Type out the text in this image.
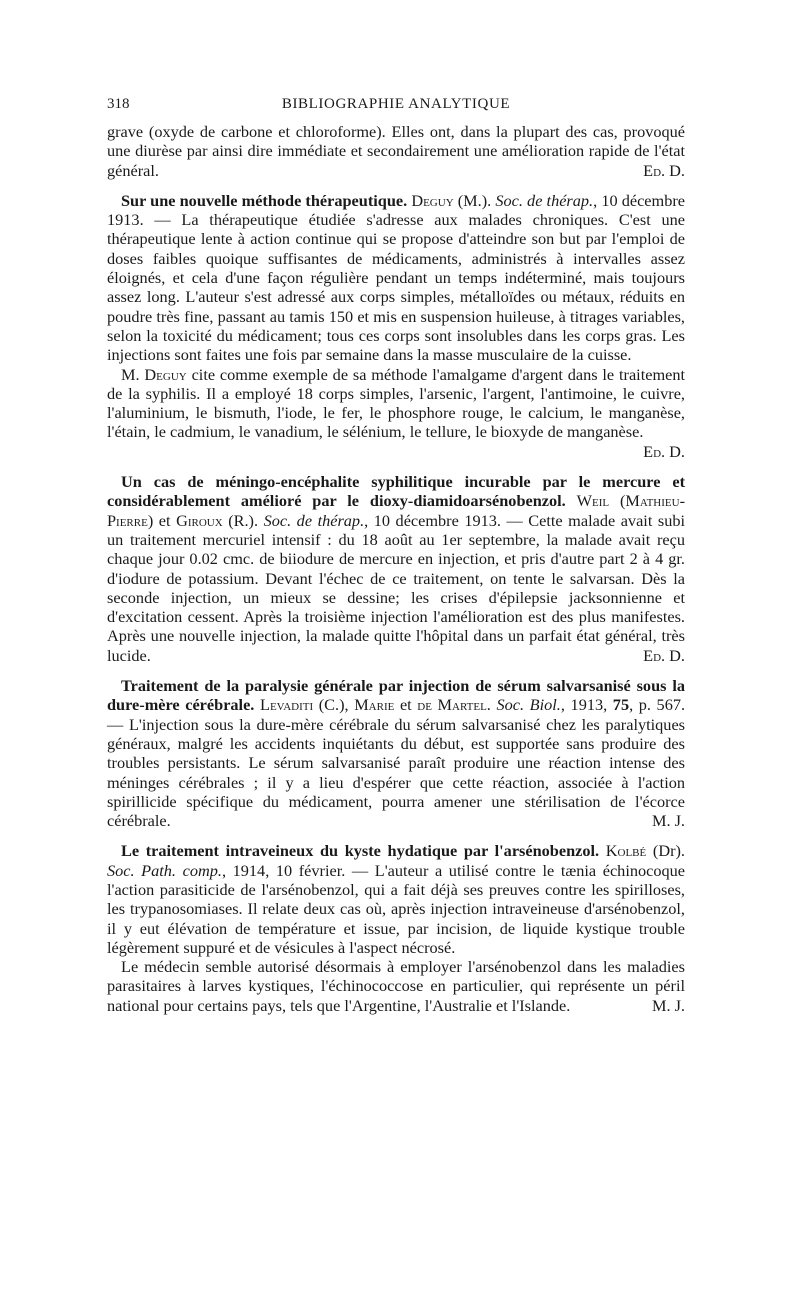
318	BIBLIOGRAPHIE ANALYTIQUE

grave (oxyde de carbone et chloroforme). Elles ont, dans la plupart des cas, provoqué une diurèse par ainsi dire immédiate et secondairement une amélioration rapide de l'état général.	Ed. D.

Sur une nouvelle méthode thérapeutique. Deguy (M.). Soc. de thérap., 10 décembre 1913. — La thérapeutique étudiée s'adresse aux malades chroniques. C'est une thérapeutique lente à action continue qui se propose d'atteindre son but par l'emploi de doses faibles quoique suffisantes de médicaments, administrés à intervalles assez éloignés, et cela d'une façon régulière pendant un temps indéterminé, mais toujours assez long. L'auteur s'est adressé aux corps simples, métalloïdes ou métaux, réduits en poudre très fine, passant au tamis 150 et mis en suspension huileuse, à titrages variables, selon la toxicité du médicament; tous ces corps sont insolubles dans les corps gras. Les injections sont faites une fois par semaine dans la masse musculaire de la cuisse.

M. Deguy cite comme exemple de sa méthode l'amalgame d'argent dans le traitement de la syphilis. Il a employé 18 corps simples, l'arsenic, l'argent, l'antimoine, le cuivre, l'aluminium, le bismuth, l'iode, le fer, le phosphore rouge, le calcium, le manganèse, l'étain, le cadmium, le vanadium, le sélénium, le tellure, le bioxyde de manganèse.
Ed. D.

Un cas de méningo-encéphalite syphilitique incurable par le mercure et considérablement amélioré par le dioxy-diamidoarsénobenzol. Weil (Mathieu-Pierre) et Giroux (R.). Soc. de thérap., 10 décembre 1913. — Cette malade avait subi un traitement mercuriel intensif : du 18 août au 1er septembre, la malade avait reçu chaque jour 0.02 cmc. de biiodure de mercure en injection, et pris d'autre part 2 à 4 gr. d'iodure de potassium. Devant l'échec de ce traitement, on tente le salvarsan. Dès la seconde injection, un mieux se dessine; les crises d'épilepsie jacksonnienne et d'excitation cessent. Après la troisième injection l'amélioration est des plus manifestes. Après une nouvelle injection, la malade quitte l'hôpital dans un parfait état général, très lucide.	Ed. D.

Traitement de la paralysie générale par injection de sérum salvarsanisé sous la dure-mère cérébrale. Levaditi (C.), Marie et de Martel. Soc. Biol., 1913, 75, p. 567. — L'injection sous la dure-mère cérébrale du sérum salvarsanisé chez les paralytiques généraux, malgré les accidents inquiétants du début, est supportée sans produire des troubles persistants. Le sérum salvarsanisé paraît produire une réaction intense des méninges cérébrales ; il y a lieu d'espérer que cette réaction, associée à l'action spirillicide spécifique du médicament, pourra amener une stérilisation de l'écorce cérébrale.	M. J.

Le traitement intraveineux du kyste hydatique par l'arsénobenzol. Kolbé (Dr). Soc. Path. comp., 1914, 10 février. — L'auteur a utilisé contre le tænia échinocoque l'action parasiticide de l'arsénobenzol, qui a fait déjà ses preuves contre les spirilloses, les trypanosomiases. Il relate deux cas où, après injection intraveineuse d'arsénobenzol, il y eut élévation de température et issue, par incision, de liquide kystique trouble légèrement suppuré et de vésicules à l'aspect nécrosé.

Le médecin semble autorisé désormais à employer l'arsénobenzol dans les maladies parasitaires à larves kystiques, l'échinococcose en particulier, qui représente un péril national pour certains pays, tels que l'Argentine, l'Australie et l'Islande.	M. J.
